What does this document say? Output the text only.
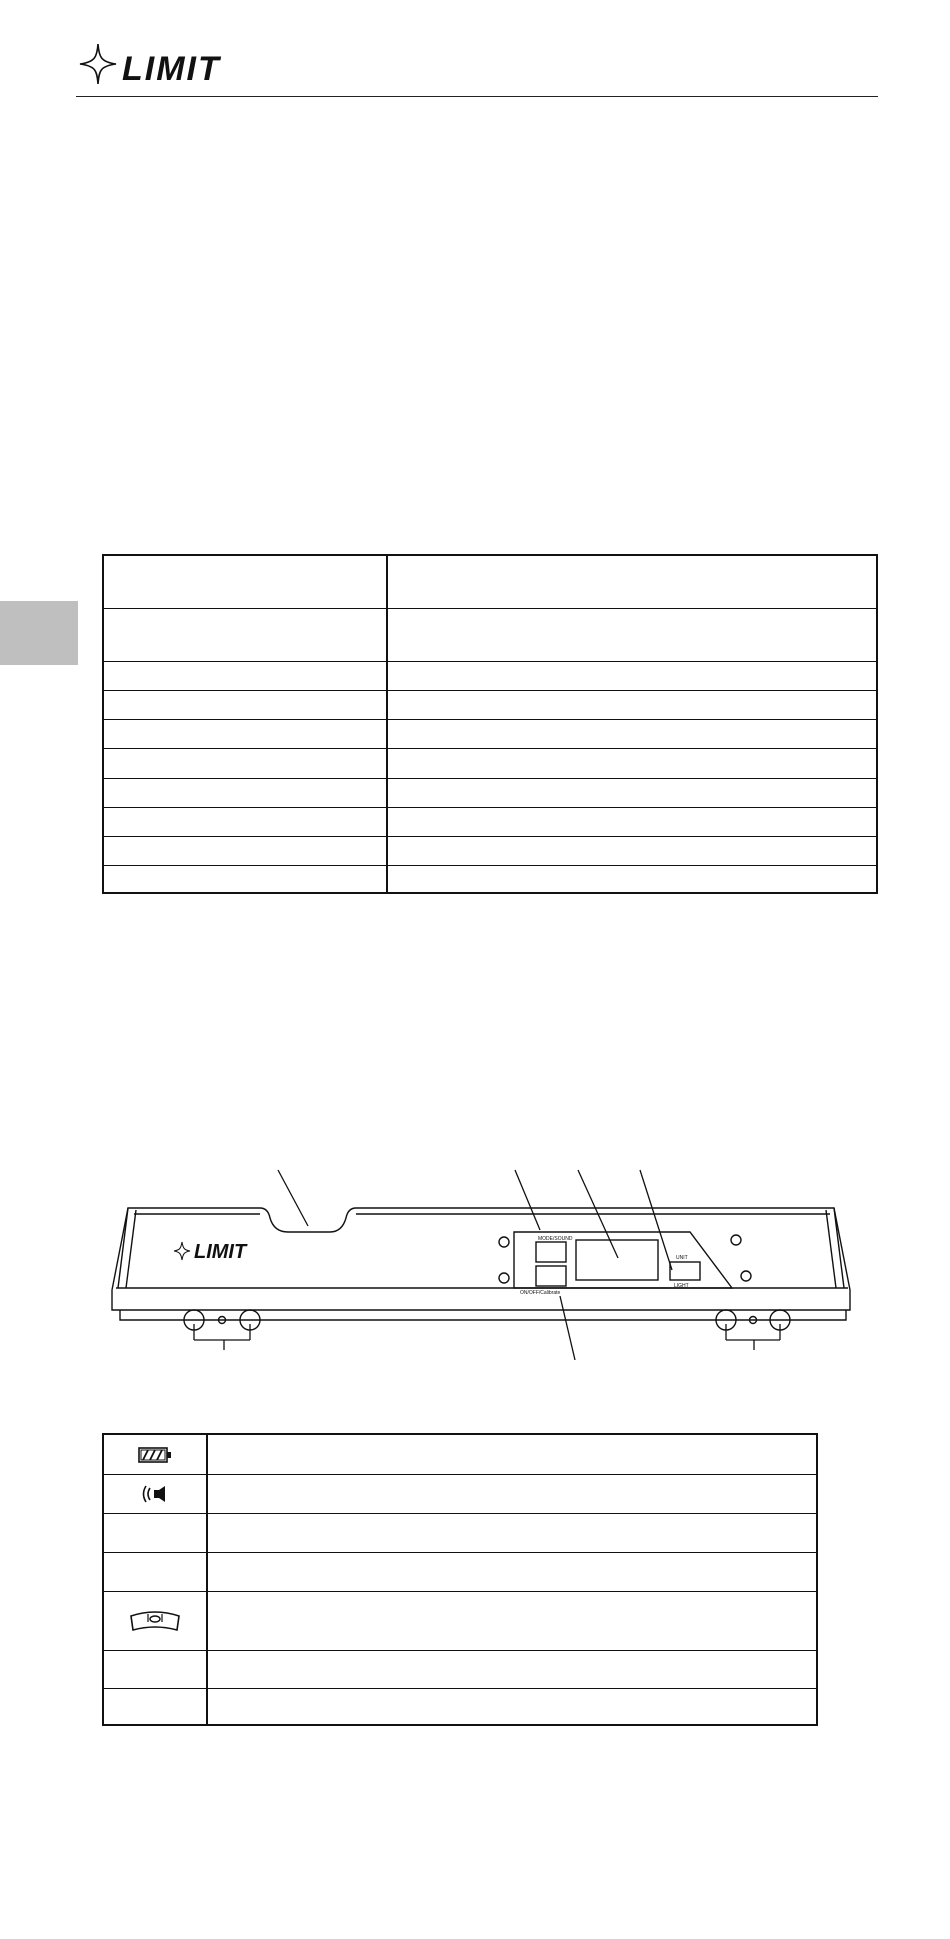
LIMIT
LIMIT
MODE/SOUND
ON/OFF/Calibrate
UNIT
LIGHT
